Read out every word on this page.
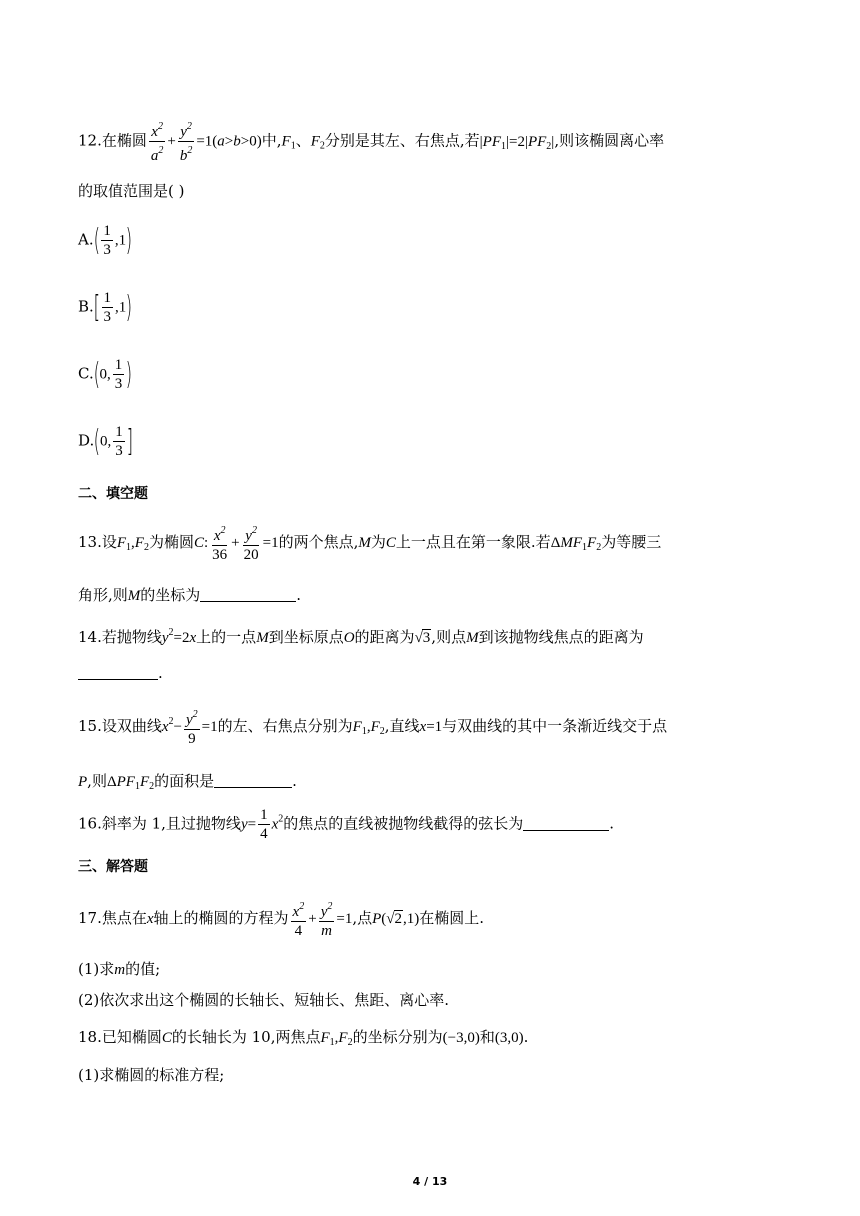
12.在椭圆 $\frac{x^2}{a^2} + \frac{y^2}{b^2} =1(a>b>0)$中$,F_1$、$F_2$分别是其左、右焦点,若$|PF_1|=2|PF_2|$,则该椭圆离心率
的取值范围是( )
$A.( \frac{1}{3} ,1)$
$B.[ \frac{1}{3} ,1)$
C.(0, $\frac{1}{3}$ )
D.(0, $\frac{1}{3}$ ]
二、填空题
13.设$F_1,F_2$为椭圆C: $\frac{x^2}{36} + \frac{y^2}{20} =1$的两个焦点,M为C上一点且在第一象限.若$\Delta MF_1F_2$为等腰三
角形,则M的坐标为	.
14.若抛物线$y^2=2x$上的一点M到坐标原点O的距离为√3,则点M到该抛物线焦点的距离为
.
15.设双曲线$x^2- \frac{y^2}{9} =1$的左、右焦点分别为$F_1,F_2$,直线x=1与双曲线的其中一条渐近线交于点
P,则$\Delta PF_1F_2$的面积是	.
16.斜率为 1,且过抛物线$y= \frac{1}{4} x^2$的焦点的直线被抛物线截得的弦长为	.
三、解答题
17.焦点在x轴上的椭圆的方程为 $\frac{x^2}{4} + \frac{y^2}{m} =1$,点P(√2,1)在椭圆上.
(1)求m的值;
(2)依次求出这个椭圆的长轴长、短轴长、焦距、离心率.
18.已知椭圆C的长轴长为 10,两焦点$F_1,F_2$的坐标分别为(−3,0)和(3,0).
(1)求椭圆的标准方程;
4 / 13
